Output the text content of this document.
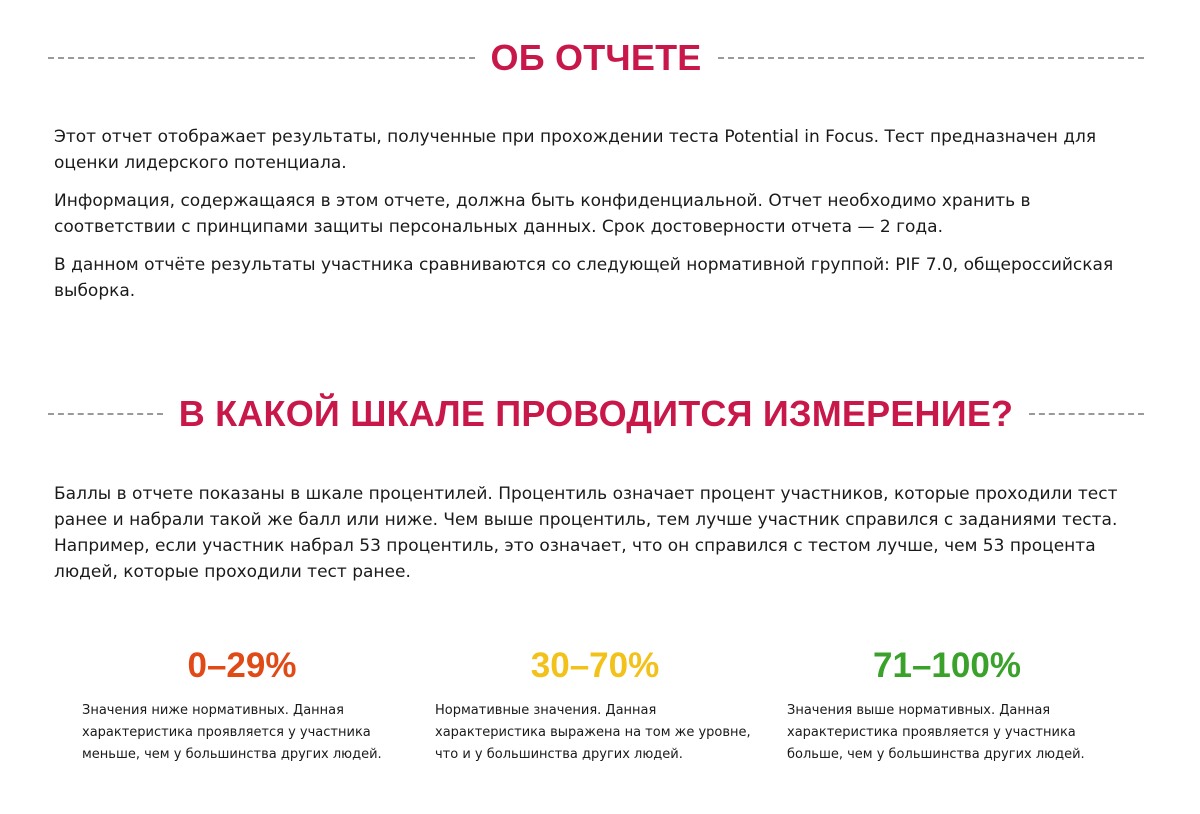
ОБ ОТЧЕТЕ

Этот отчет отображает результаты, полученные при прохождении теста Potential in Focus. Тест предназначен для оценки лидерского потенциала.

Информация, содержащаяся в этом отчете, должна быть конфиденциальной. Отчет необходимо хранить в соответствии с принципами защиты персональных данных. Срок достоверности отчета — 2 года.

В данном отчёте результаты участника сравниваются со следующей нормативной группой: PIF 7.0, общероссийская выборка.

В КАКОЙ ШКАЛЕ ПРОВОДИТСЯ ИЗМЕРЕНИЕ?

Баллы в отчете показаны в шкале процентилей. Процентиль означает процент участников, которые проходили тест ранее и набрали такой же балл или ниже. Чем выше процентиль, тем лучше участник справился с заданиями теста. Например, если участник набрал 53 процентиль, это означает, что он справился с тестом лучше, чем 53 процента людей, которые проходили тест ранее.

0–29%
Значения ниже нормативных. Данная характеристика проявляется у участника меньше, чем у большинства других людей.
30–70%
Нормативные значения. Данная характеристика выражена на том же уровне, что и у большинства других людей.
71–100%
Значения выше нормативных. Данная характеристика проявляется у участника больше, чем у большинства других людей.
